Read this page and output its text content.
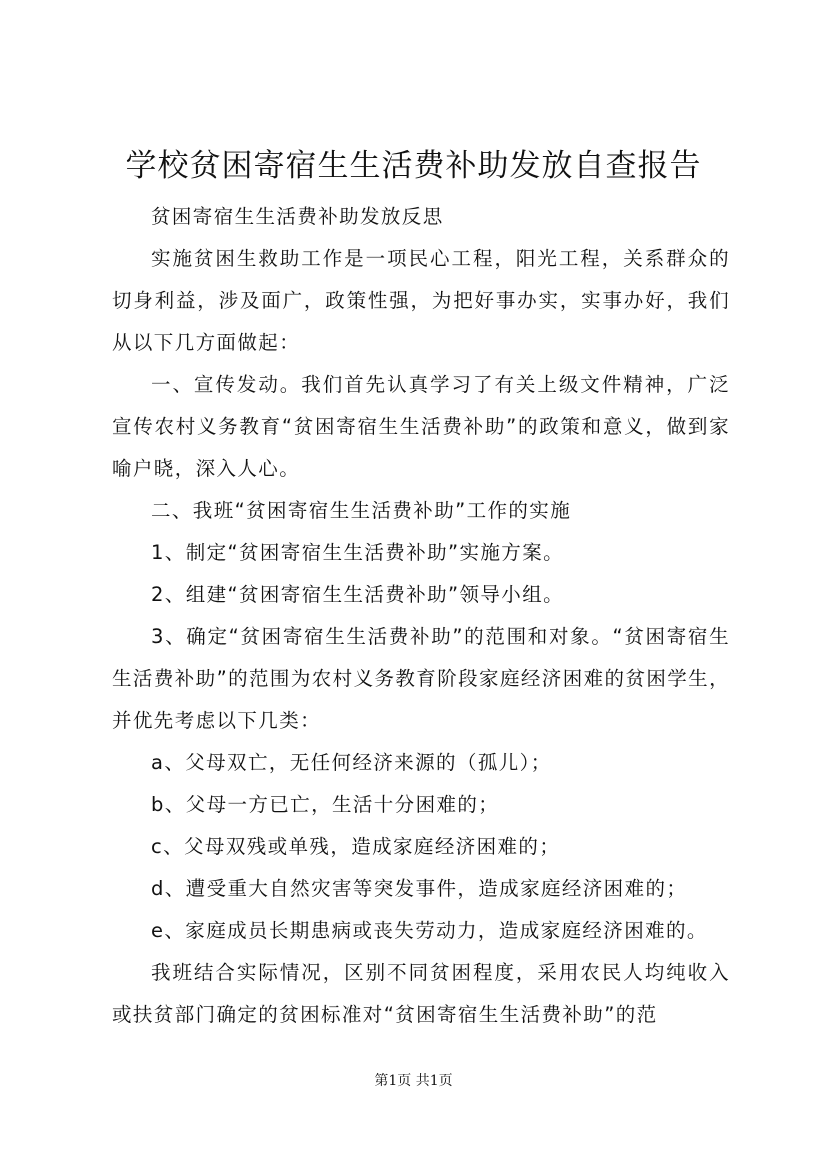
学校贫困寄宿生生活费补助发放自查报告

贫困寄宿生生活费补助发放反思

实施贫困生救助工作是一项民心工程，阳光工程，关系群众的切身利益，涉及面广，政策性强，为把好事办实，实事办好，我们从以下几方面做起：

一、宣传发动。我们首先认真学习了有关上级文件精神，广泛宣传农村义务教育“贫困寄宿生生活费补助”的政策和意义，做到家喻户晓，深入人心。

二、我班“贫困寄宿生生活费补助”工作的实施

1、制定“贫困寄宿生生活费补助”实施方案。

2、组建“贫困寄宿生生活费补助”领导小组。

3、确定“贫困寄宿生生活费补助”的范围和对象。“贫困寄宿生生活费补助”的范围为农村义务教育阶段家庭经济困难的贫困学生，并优先考虑以下几类：

a、父母双亡，无任何经济来源的（孤儿）；

b、父母一方已亡，生活十分困难的；

c、父母双残或单残，造成家庭经济困难的；

d、遭受重大自然灾害等突发事件，造成家庭经济困难的；

e、家庭成员长期患病或丧失劳动力，造成家庭经济困难的。

我班结合实际情况，区别不同贫困程度，采用农民人均纯收入或扶贫部门确定的贫困标准对“贫困寄宿生生活费补助”的范

第1页 共1页
